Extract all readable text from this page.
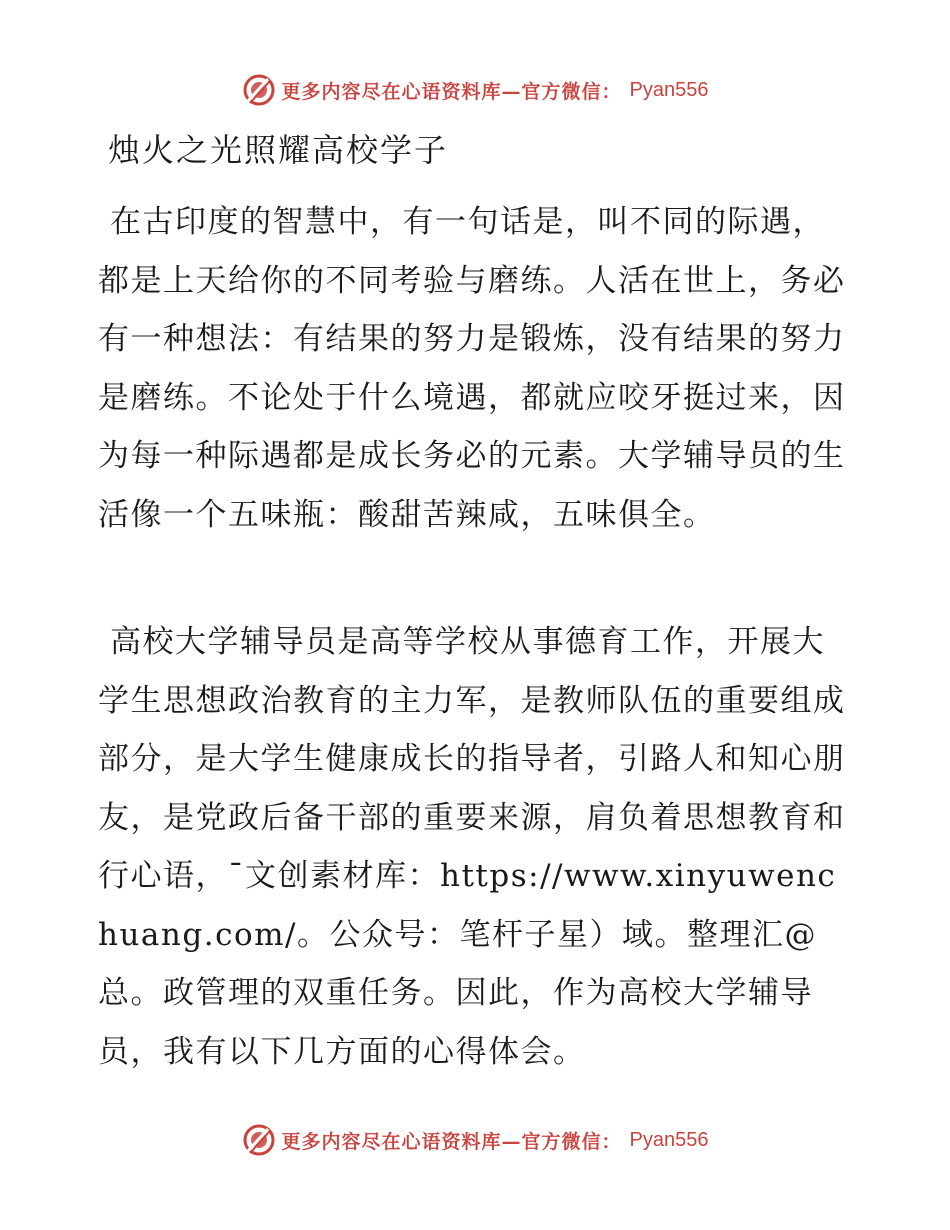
更多内容尽在心语资料库—官方微信： Pyan556
烛火之光照耀高校学子

在古印度的智慧中，有一句话是，叫不同的际遇，都是上天给你的不同考验与磨练。人活在世上，务必有一种想法：有结果的努力是锻炼，没有结果的努力是磨练。不论处于什么境遇，都就应咬牙挺过来，因为每一种际遇都是成长务必的元素。大学辅导员的生活像一个五味瓶：酸甜苦辣咸，五味俱全。

高校大学辅导员是高等学校从事德育工作，开展大学生思想政治教育的主力军，是教师队伍的重要组成部分，是大学生健康成长的指导者，引路人和知心朋友，是党政后备干部的重要来源，肩负着思想教育和行心语，¯文创素材库：https://www.xinyuwenchuang.com/。公众号：笔杆子星）域。整理汇@总。政管理的双重任务。因此，作为高校大学辅导员，我有以下几方面的心得体会。

更多内容尽在心语资料库—官方微信： Pyan556
